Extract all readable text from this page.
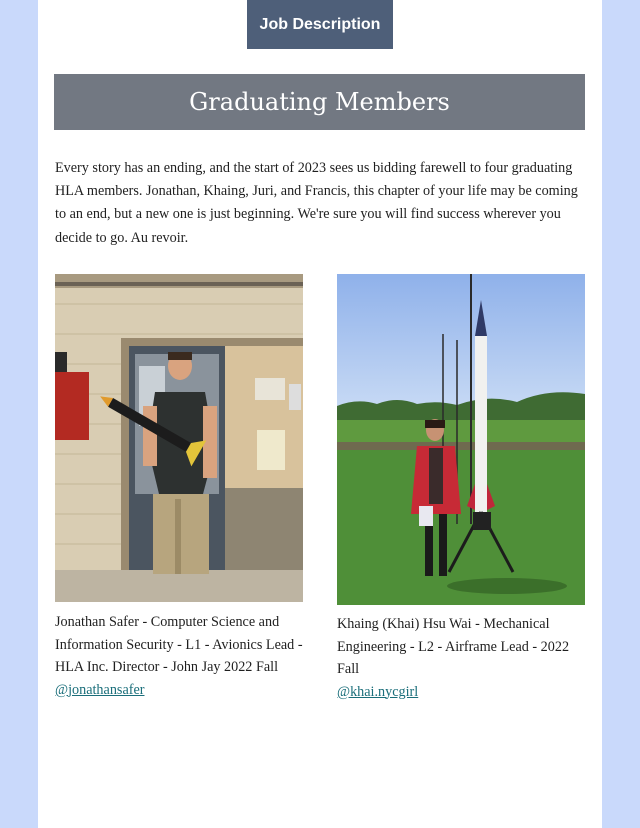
Job Description
Graduating Members
Every story has an ending, and the start of 2023 sees us bidding farewell to four graduating HLA members. Jonathan, Khaing, Juri, and Francis, this chapter of your life may be coming to an end, but a new one is just beginning. We're sure you will find success wherever you decide to go. Au revoir.
Jonathan Safer - Computer Science and Information Security - L1 - Avionics Lead - HLA Inc. Director - John Jay 2022 Fall
@jonathansafer
Khaing (Khai) Hsu Wai - Mechanical Engineering - L2 - Airframe Lead - 2022 Fall
@khai.nycgirl
